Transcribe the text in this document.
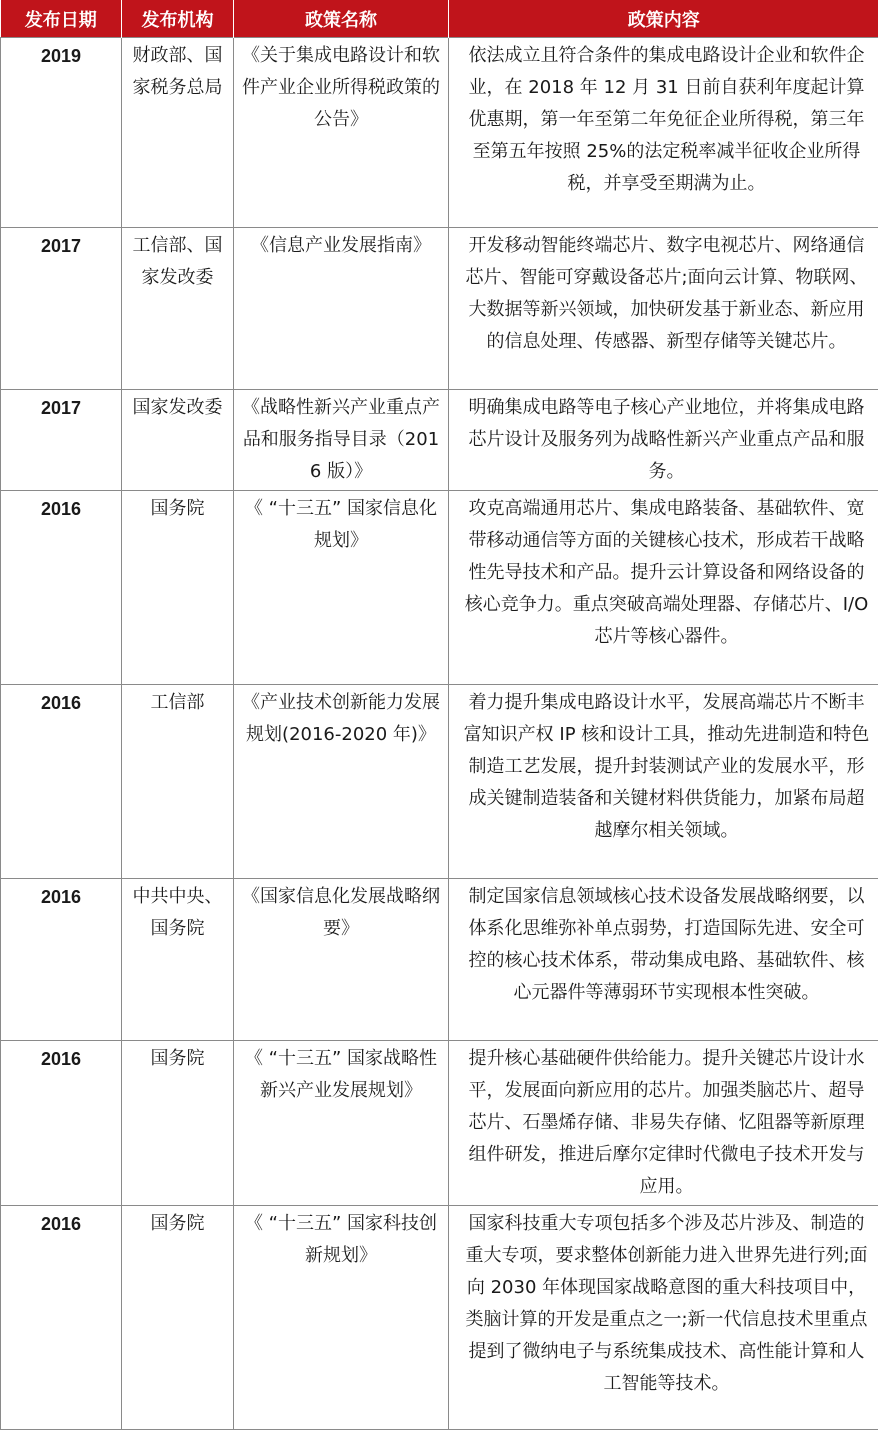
发布日期	发布机构	政策名称	政策内容
2019	财政部、国家税务总局	《关于集成电路设计和软件产业企业所得税政策的公告》	依法成立且符合条件的集成电路设计企业和软件企业，在 2018 年 12 月 31 日前自获利年度起计算优惠期，第一年至第二年免征企业所得税，第三年至第五年按照 25%的法定税率减半征收企业所得税，并享受至期满为止。
2017	工信部、国家发改委	《信息产业发展指南》	开发移动智能终端芯片、数字电视芯片、网络通信芯片、智能可穿戴设备芯片;面向云计算、物联网、大数据等新兴领域，加快研发基于新业态、新应用的信息处理、传感器、新型存储等关键芯片。
2017	国家发改委	《战略性新兴产业重点产品和服务指导目录（2016 版）》	明确集成电路等电子核心产业地位，并将集成电路芯片设计及服务列为战略性新兴产业重点产品和服务。
2016	国务院	《 “十三五” 国家信息化规划》	攻克高端通用芯片、集成电路装备、基础软件、宽带移动通信等方面的关键核心技术，形成若干战略性先导技术和产品。提升云计算设备和网络设备的核心竞争力。重点突破高端处理器、存储芯片、I/O 芯片等核心器件。
2016	工信部	《产业技术创新能力发展规划(2016-2020 年)》	着力提升集成电路设计水平，发展高端芯片不断丰富知识产权 IP 核和设计工具，推动先进制造和特色制造工艺发展，提升封装测试产业的发展水平，形成关键制造装备和关键材料供货能力，加紧布局超越摩尔相关领域。
2016	中共中央、国务院	《国家信息化发展战略纲要》	制定国家信息领域核心技术设备发展战略纲要，以体系化思维弥补单点弱势，打造国际先进、安全可控的核心技术体系，带动集成电路、基础软件、核心元器件等薄弱环节实现根本性突破。
2016	国务院	《 “十三五” 国家战略性新兴产业发展规划》	提升核心基础硬件供给能力。提升关键芯片设计水平，发展面向新应用的芯片。加强类脑芯片、超导芯片、石墨烯存储、非易失存储、忆阻器等新原理组件研发，推进后摩尔定律时代微电子技术开发与应用。
2016	国务院	《 “十三五” 国家科技创新规划》	国家科技重大专项包括多个涉及芯片涉及、制造的重大专项，要求整体创新能力进入世界先进行列;面向 2030 年体现国家战略意图的重大科技项目中，类脑计算的开发是重点之一;新一代信息技术里重点提到了微纳电子与系统集成技术、高性能计算和人工智能等技术。
